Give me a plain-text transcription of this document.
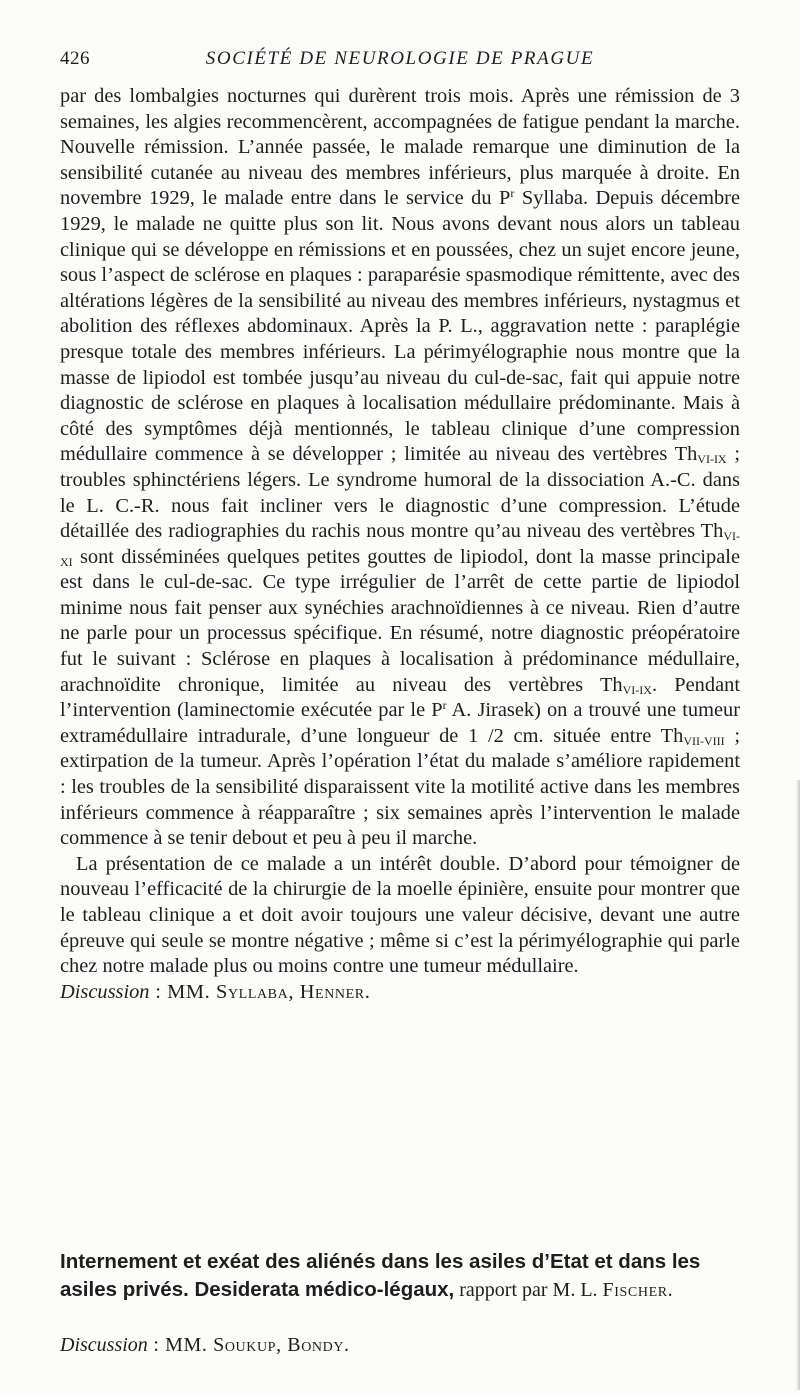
426	SOCIÉTÉ DE NEUROLOGIE DE PRAGUE

par des lombalgies nocturnes qui durèrent trois mois. Après une rémission de 3 semaines, les algies recommencèrent, accompagnées de fatigue pendant la marche. Nouvelle rémission. L’année passée, le malade remarque une diminution de la sensibilité cutanée au niveau des membres inférieurs, plus marquée à droite. En novembre 1929, le malade entre dans le service du $P^r$ Syllaba. Depuis décembre 1929, le malade ne quitte plus son lit. Nous avons devant nous alors un tableau clinique qui se développe en rémissions et en poussées, chez un sujet encore jeune, sous l’aspect de sclérose en plaques : paraparésie spasmodique rémittente, avec des altérations légères de la sensibilité au niveau des membres inférieurs, nystagmus et abolition des réflexes abdominaux. Après la P. L., aggravation nette : paraplégie presque totale des membres inférieurs. La périmyélographie nous montre que la masse de lipiodol est tombée jusqu’au niveau du cul-de-sac, fait qui appuie notre diagnostic de sclérose en plaques à localisation médullaire prédominante. Mais à côté des symptômes déjà mentionnés, le tableau clinique d’une compression médullaire commence à se développer ; limitée au niveau des vertèbres $Th_{VI-IX}$ ; troubles sphinctériens légers. Le syndrome humoral de la dissociation A.-C. dans le L. C.-R. nous fait incliner vers le diagnostic d’une compression. L’étude détaillée des radiographies du rachis nous montre qu’au niveau des vertèbres $Th_{VI-XI}$ sont disséminées quelques petites gouttes de lipiodol, dont la masse principale est dans le cul-de-sac. Ce type irrégulier de l’arrêt de cette partie de lipiodol minime nous fait penser aux synéchies arachnoïdiennes à ce niveau. Rien d’autre ne parle pour un processus spécifique. En résumé, notre diagnostic préopératoire fut le suivant : Sclérose en plaques à localisation à prédominance médullaire, arachnoïdite chronique, limitée au niveau des vertèbres $Th_{VI-IX}$. Pendant l’intervention (laminectomie exécutée par le $P^r$ A. Jirasek) on a trouvé une tumeur extramédullaire intradurale, d’une longueur de 1 /2 cm. située entre $Th_{VII-VIII}$ ; extirpation de la tumeur. Après l’opération l’état du malade s’améliore rapidement : les troubles de la sensibilité disparaissent vite la motilité active dans les membres inférieurs commence à réapparaître ; six semaines après l’intervention le malade commence à se tenir debout et peu à peu il marche.

La présentation de ce malade a un intérêt double. D’abord pour témoigner de nouveau l’efficacité de la chirurgie de la moelle épinière, ensuite pour montrer que le tableau clinique a et doit avoir toujours une valeur décisive, devant une autre épreuve qui seule se montre négative ; même si c’est la périmyélographie qui parle chez notre malade plus ou moins contre une tumeur médullaire.

Discussion : MM. Syllaba, Henner.

Internement et exéat des aliénés dans les asiles d’Etat et dans les asiles privés. Desiderata médico-légaux, rapport par M. L. Fischer.
Discussion : MM. Soukup, Bondy.
